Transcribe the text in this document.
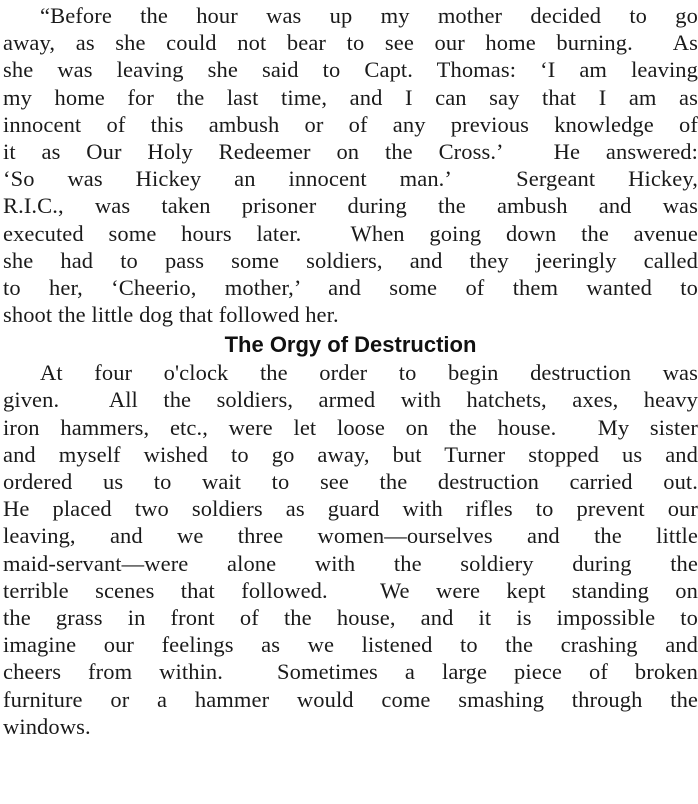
“Before the hour was up my mother decided to go
away, as she could not bear to see our home burning.  As
she was leaving she said to Capt. Thomas: ‘I am leaving
my home for the last time, and I can say that I am as
innocent of this ambush or of any previous knowledge of
it as Our Holy Redeemer on the Cross.’  He answered:
‘So was Hickey an innocent man.’  Sergeant Hickey,
R.I.C., was taken prisoner during the ambush and was
executed some hours later.  When going down the avenue
she had to pass some soldiers, and they jeeringly called
to her, ‘Cheerio, mother,’ and some of them wanted to
shoot the little dog that followed her.
The Orgy of Destruction
At four o'clock the order to begin destruction was
given.  All the soldiers, armed with hatchets, axes, heavy
iron hammers, etc., were let loose on the house.  My sister
and myself wished to go away, but Turner stopped us and
ordered us to wait to see the destruction carried out.
He placed two soldiers as guard with rifles to prevent our
leaving, and we three women—ourselves and the little
maid-servant—were alone with the soldiery during the
terrible scenes that followed.  We were kept standing on
the grass in front of the house, and it is impossible to
imagine our feelings as we listened to the crashing and
cheers from within.  Sometimes a large piece of broken
furniture or a hammer would come smashing through the
windows.
